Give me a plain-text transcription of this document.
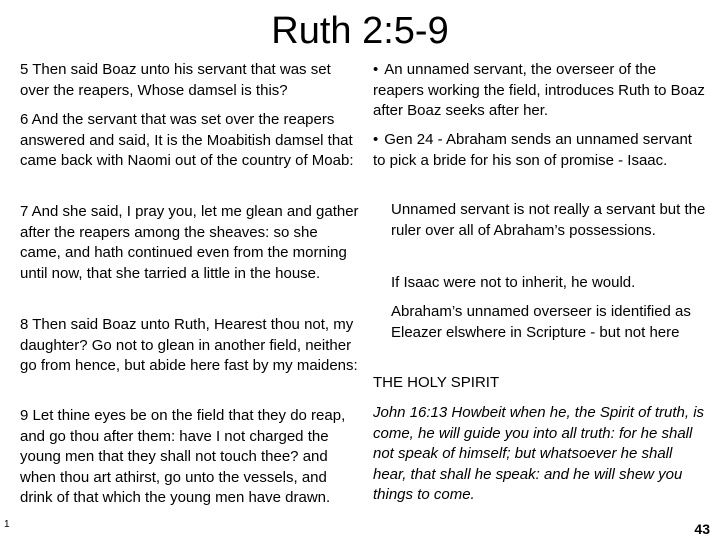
Ruth 2:5-9

5 Then said Boaz unto his servant that was set over the reapers, Whose damsel is this?

6 And the servant that was set over the reapers answered and said, It is the Moabitish damsel that came back with Naomi out of the country of Moab:

7 And she said, I pray you, let me glean and gather after the reapers among the sheaves: so she came, and hath continued even from the morning until now, that she tarried a little in the house.

8 Then said Boaz unto Ruth, Hearest thou not, my daughter? Go not to glean in another field, neither go from hence, but abide here fast by my maidens:

9 Let thine eyes be on the field that they do reap, and go thou after them: have I not charged the young men that they shall not touch thee? and when thou art athirst, go unto the vessels, and drink of that which the young men have drawn.

• An unnamed servant, the overseer of the reapers working the field, introduces Ruth to Boaz after Boaz seeks after her.

• Gen 24 - Abraham sends an unnamed servant to pick a bride for his son of promise - Isaac.

Unnamed servant is not really a servant but the ruler over all of Abraham’s possessions.

If Isaac were not to inherit, he would.

Abraham’s unnamed overseer is identified as Eleazer elswhere in Scripture - but not here

THE HOLY SPIRIT

John 16:13 Howbeit when he, the Spirit of truth, is come, he will guide you into all truth: for he shall not speak of himself; but whatsoever he shall hear, that shall he speak: and he will shew you things to come.

1	43
